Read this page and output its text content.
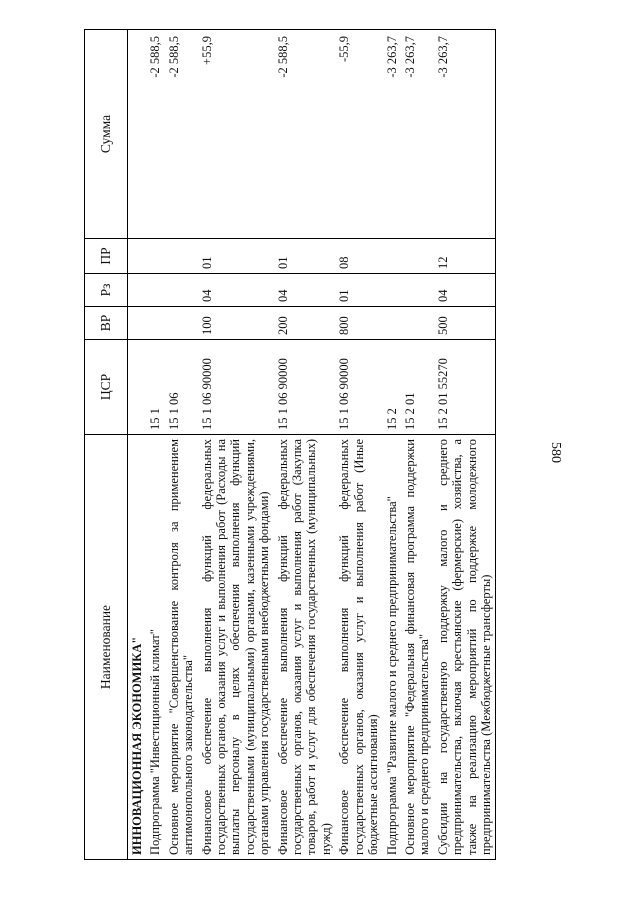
580
Наименование	ЦСР	ВР	Рз	ПР	Сумма
ИННОВАЦИОННАЯ ЭКОНОМИКА"					
Подпрограмма "Инвестиционный климат"	15 1				-2 588,5
Основное мероприятие "Совершенствование контроля за применением антимонопольного законодательства"	15 1 06				-2 588,5
Финансовое обеспечение выполнения функций федеральных государственных органов, оказания услуг и выполнения работ (Расходы на выплаты персоналу в целях обеспечения выполнения функций государственными (муниципальными) органами, казенными учреждениями, органами управления государственными внебюджетными фондами)	15 1 06 90000	100	04	01	+55,9
Финансовое обеспечение выполнения функций федеральных государственных органов, оказания услуг и выполнения работ (Закупка товаров, работ и услуг для обеспечения государственных (муниципальных) нужд)	15 1 06 90000	200	04	01	-2 588,5
Финансовое обеспечение выполнения функций федеральных государственных органов, оказания услуг и выполнения работ (Иные бюджетные ассигнования)	15 1 06 90000	800	01	08	-55,9
Подпрограмма "Развитие малого и среднего предпринимательства"	15 2				-3 263,7
Основное мероприятие "Федеральная финансовая программа поддержки малого и среднего предпринимательства"	15 2 01				-3 263,7
Субсидии на государственную поддержку малого и среднего предпринимательства, включая крестьянские (фермерские) хозяйства, а также на реализацию мероприятий по поддержке молодежного предпринимательства (Межбюджетные трансферты)	15 2 01 55270	500	04	12	-3 263,7
